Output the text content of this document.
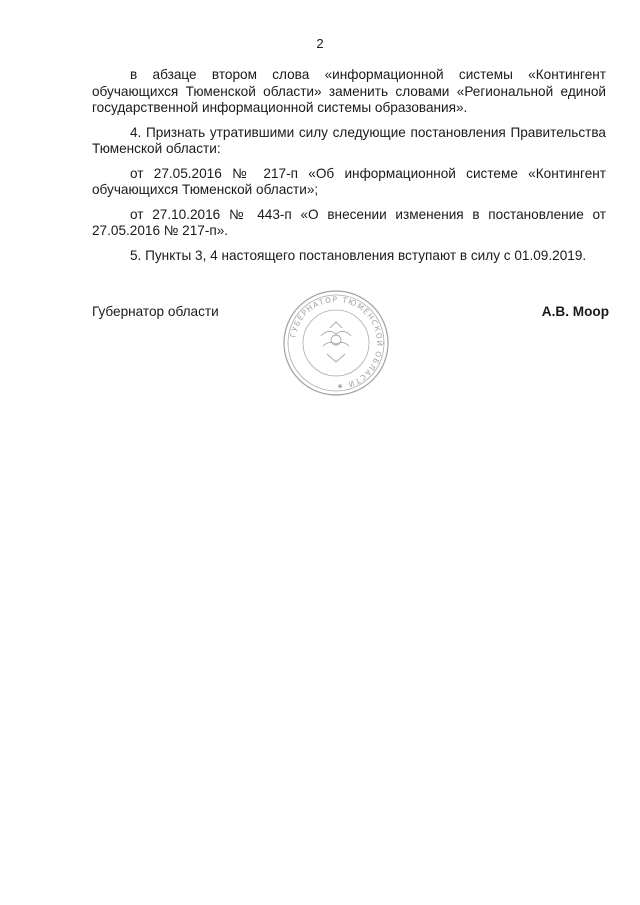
2

в абзаце втором слова «информационной системы «Контингент обучающихся Тюменской области» заменить словами «Региональной единой государственной информационной системы образования».

4. Признать утратившими силу следующие постановления Правительства Тюменской области:

от 27.05.2016 № 217-п «Об информационной системе «Контингент обучающихся Тюменской области»;

от 27.10.2016 № 443-п «О внесении изменения в постановление от 27.05.2016 № 217-п».

5. Пункты 3, 4 настоящего постановления вступают в силу с 01.09.2019.

Губернатор области
ГУБЕРНАТОР ТЮМЕНСКОЙ ОБЛАСТИ ★
А.В. Моор
